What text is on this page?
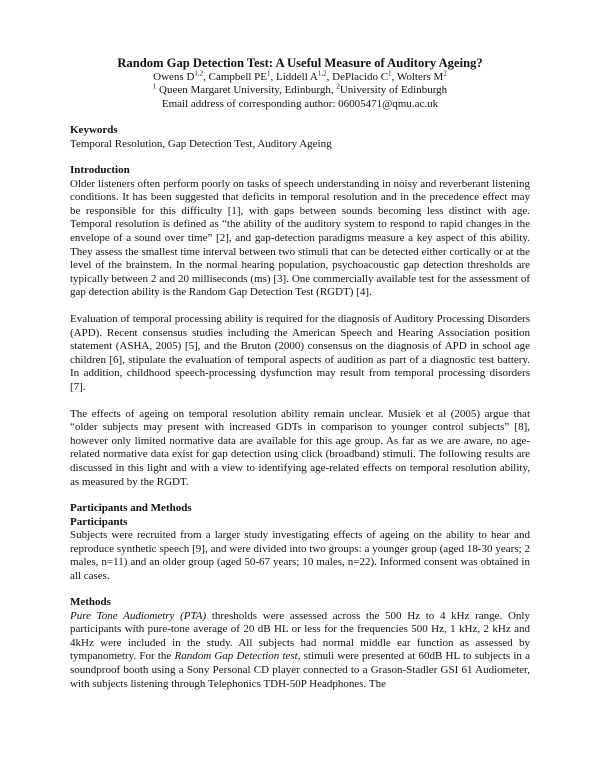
Random Gap Detection Test: A Useful Measure of Auditory Ageing?

Owens D$^{1,2}$, Campbell $PE^1$, Liddell A$^{1,2}$, DePlacido $C^1$, Wolters $M^2$
$^1$ Queen Margaret University, Edinburgh, $^2$University of Edinburgh
Email address of corresponding author: 06005471@qmu.ac.uk
Keywords

Temporal Resolution, Gap Detection Test, Auditory Ageing

Introduction

Older listeners often perform poorly on tasks of speech understanding in noisy and reverberant listening conditions. It has been suggested that deficits in temporal resolution and in the precedence effect may be responsible for this difficulty [1], with gaps between sounds becoming less distinct with age. Temporal resolution is defined as “the ability of the auditory system to respond to rapid changes in the envelope of a sound over time” [2], and gap-detection paradigms measure a key aspect of this ability. They assess the smallest time interval between two stimuli that can be detected either cortically or at the level of the brainstem. In the normal hearing population, psychoacoustic gap detection thresholds are typically between 2 and 20 milliseconds (ms) [3]. One commercially available test for the assessment of gap detection ability is the Random Gap Detection Test (RGDT) [4].

Evaluation of temporal processing ability is required for the diagnosis of Auditory Processing Disorders (APD). Recent consensus studies including the American Speech and Hearing Association position statement (ASHA, 2005) [5], and the Bruton (2000) consensus on the diagnosis of APD in school age children [6], stipulate the evaluation of temporal aspects of audition as part of a diagnostic test battery. In addition, childhood speech-processing dysfunction may result from temporal processing disorders [7].

The effects of ageing on temporal resolution ability remain unclear. Musiek et al (2005) argue that “older subjects may present with increased GDTs in comparison to younger control subjects” [8], however only limited normative data are available for this age group. As far as we are aware, no age-related normative data exist for gap detection using click (broadband) stimuli. The following results are discussed in this light and with a view to identifying age-related effects on temporal resolution ability, as measured by the RGDT.

Participants and Methods
Participants

Subjects were recruited from a larger study investigating effects of ageing on the ability to hear and reproduce synthetic speech [9], and were divided into two groups: a younger group (aged 18-30 years; 2 males, n=11) and an older group (aged 50-67 years; 10 males, n=22). Informed consent was obtained in all cases.

Methods

Pure Tone Audiometry (PTA) thresholds were assessed across the 500 Hz to 4 kHz range. Only participants with pure-tone average of 20 dB HL or less for the frequencies 500 Hz, 1 kHz, 2 kHz and 4kHz were included in the study. All subjects had normal middle ear function as assessed by tympanometry. For the Random Gap Detection test, stimuli were presented at 60dB HL to subjects in a soundproof booth using a Sony Personal CD player connected to a Grason-Stadler GSI 61 Audiometer, with subjects listening through Telephonics TDH-50P Headphones. The
